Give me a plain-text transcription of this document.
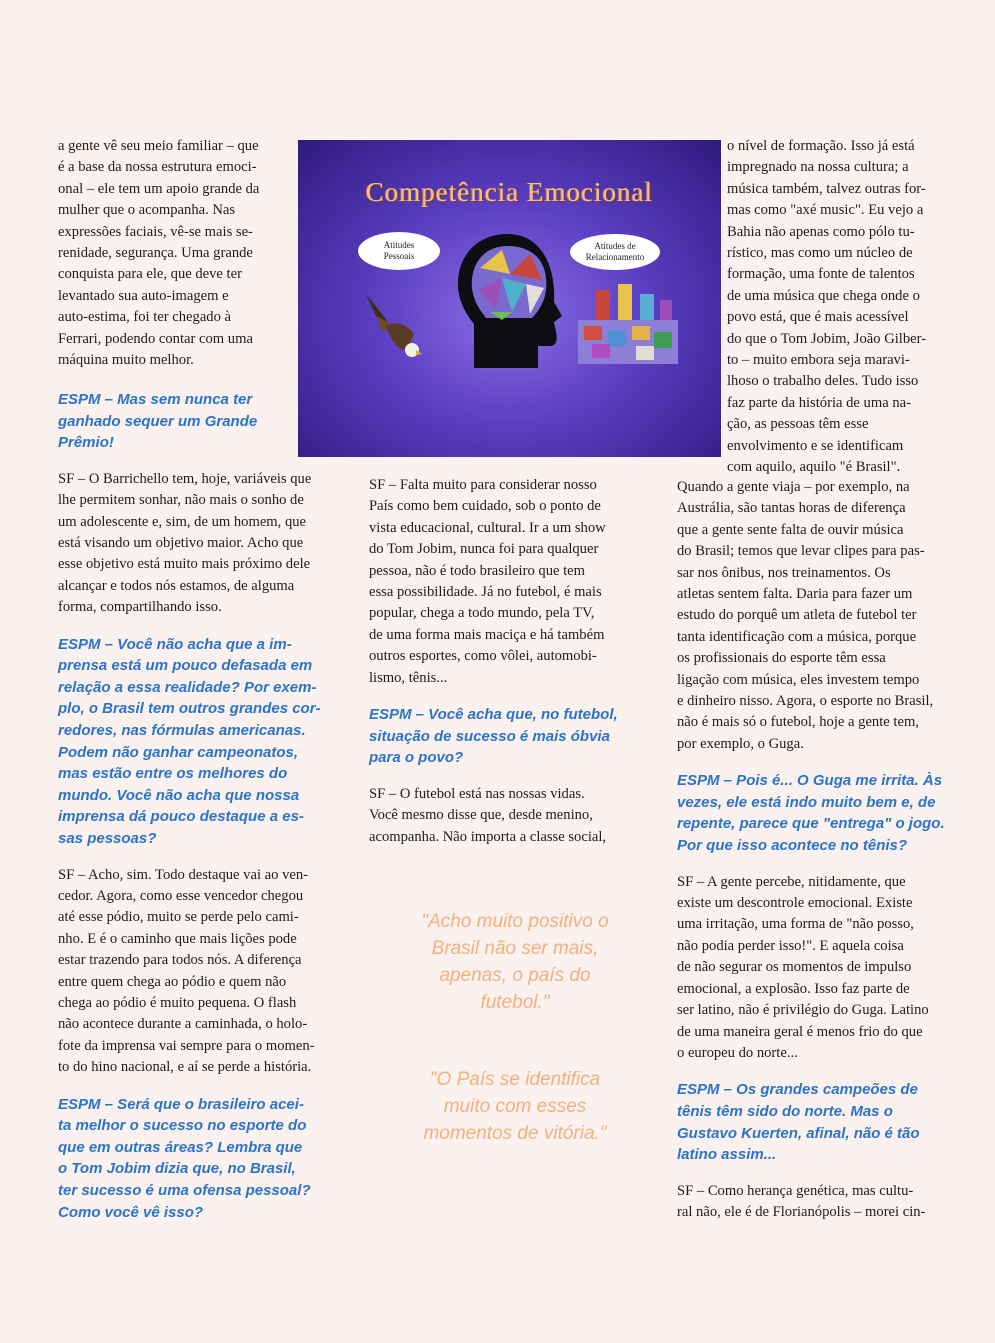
a gente vê seu meio familiar – que
é a base da nossa estrutura emoci-
onal – ele tem um apoio grande da
mulher que o acompanha. Nas
expressões faciais, vê-se mais se-
renidade, segurança. Uma grande
conquista para ele, que deve ter
levantado sua auto-imagem e
auto-estima, foi ter chegado à
Ferrari, podendo contar com uma
máquina muito melhor.

ESPM – Mas sem nunca ter
ganhado sequer um Grande
Prêmio!

SF – O Barrichello tem, hoje, variáveis que
lhe permitem sonhar, não mais o sonho de
um adolescente e, sim, de um homem, que
está visando um objetivo maior. Acho que
esse objetivo está muito mais próximo dele
alcançar e todos nós estamos, de alguma
forma, compartilhando isso.

ESPM – Você não acha que a im-
prensa está um pouco defasada em
relação a essa realidade? Por exem-
plo, o Brasil tem outros grandes cor-
redores, nas fórmulas americanas.
Podem não ganhar campeonatos,
mas estão entre os melhores do
mundo. Você não acha que nossa
imprensa dá pouco destaque a es-
sas pessoas?

SF – Acho, sim. Todo destaque vai ao ven-
cedor. Agora, como esse vencedor chegou
até esse pódio, muito se perde pelo cami-
nho. E é o caminho que mais lições pode
estar trazendo para todos nós. A diferença
entre quem chega ao pódio e quem não
chega ao pódio é muito pequena. O flash
não acontece durante a caminhada, o holo-
fote da imprensa vai sempre para o momen-
to do hino nacional, e aí se perde a história.

ESPM – Será que o brasileiro acei-
ta melhor o sucesso no esporte do
que em outras áreas? Lembra que
o Tom Jobim dizia que, no Brasil,
ter sucesso é uma ofensa pessoal?
Como você vê isso?

Competência Emocional
Atitudes
Pessoais
Atitudes de
Relacionamento

SF – Falta muito para considerar nosso
País como bem cuidado, sob o ponto de
vista educacional, cultural. Ir a um show
do Tom Jobim, nunca foi para qualquer
pessoa, não é todo brasileiro que tem
essa possibilidade. Já no futebol, é mais
popular, chega a todo mundo, pela TV,
de uma forma mais maciça e há também
outros esportes, como vôlei, automobi-
lismo, tênis...

ESPM – Você acha que, no futebol,
situação de sucesso é mais óbvia
para o povo?

SF – O futebol está nas nossas vidas.
Você mesmo disse que, desde menino,
acompanha. Não importa a classe social,

"Acho muito positivo o
Brasil não ser mais,
apenas, o país do
futebol."
"O País se identifica
muito com esses
momentos de vitória."

o nível de formação. Isso já está
impregnado na nossa cultura; a
música também, talvez outras for-
mas como "axé music". Eu vejo a
Bahia não apenas como pólo tu-
rístico, mas como um núcleo de
formação, uma fonte de talentos
de uma música que chega onde o
povo está, que é mais acessível
do que o Tom Jobim, João Gilber-
to – muito embora seja maravi-
lhoso o trabalho deles. Tudo isso
faz parte da história de uma na-
ção, as pessoas têm esse
envolvimento e se identificam
com aquilo, aquilo "é Brasil".

Quando a gente viaja – por exemplo, na
Austrália, são tantas horas de diferença
que a gente sente falta de ouvir música
do Brasil; temos que levar clipes para pas-
sar nos ônibus, nos treinamentos. Os
atletas sentem falta. Daria para fazer um
estudo do porquê um atleta de futebol ter
tanta identificação com a música, porque
os profissionais do esporte têm essa
ligação com música, eles investem tempo
e dinheiro nisso. Agora, o esporte no Brasil,
não é mais só o futebol, hoje a gente tem,
por exemplo, o Guga.

ESPM – Pois é... O Guga me irrita. Às
vezes, ele está indo muito bem e, de
repente, parece que "entrega" o jogo.
Por que isso acontece no tênis?

SF – A gente percebe, nitidamente, que
existe um descontrole emocional. Existe
uma irritação, uma forma de "não posso,
não podia perder isso!". E aquela coisa
de não segurar os momentos de impulso
emocional, a explosão. Isso faz parte de
ser latino, não é privilégio do Guga. Latino
de uma maneira geral é menos frio do que
o europeu do norte...

ESPM – Os grandes campeões de
tênis têm sido do norte. Mas o
Gustavo Kuerten, afinal, não é tão
latino assim...

SF – Como herança genética, mas cultu-
ral não, ele é de Florianópolis – morei cin-
